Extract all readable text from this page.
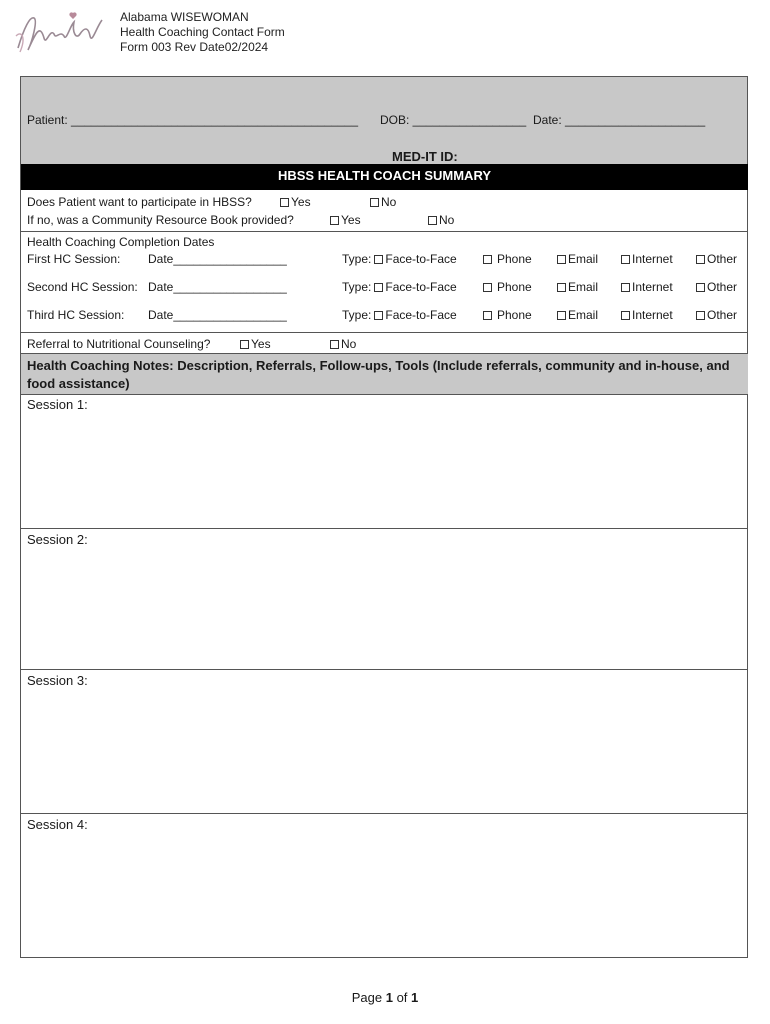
Alabama WISEWOMAN
Health Coaching Contact Form
Form 003 Rev Date02/2024
Patient: ___________________________________________ DOB: _________________ Date: _____________________
MED-IT ID:
HBSS HEALTH COACH SUMMARY
Does Patient want to participate in HBSS?	Yes	No
If no, was a Community Resource Book provided?	Yes	No
Health Coaching Completion Dates
First HC Session: Date_________________	Type: Face-to-Face	Phone	Email	Internet	Other
Second HC Session: Date_________________	Type: Face-to-Face	Phone	Email	Internet	Other
Third HC Session: Date_________________	Type: Face-to-Face	Phone	Email	Internet	Other
Referral to Nutritional Counseling?	Yes	No
Health Coaching Notes: Description, Referrals, Follow-ups, Tools (Include referrals, community and in-house, and food assistance)
Session 1:
Session 2:
Session 3:
Session 4:
Page 1 of 1
